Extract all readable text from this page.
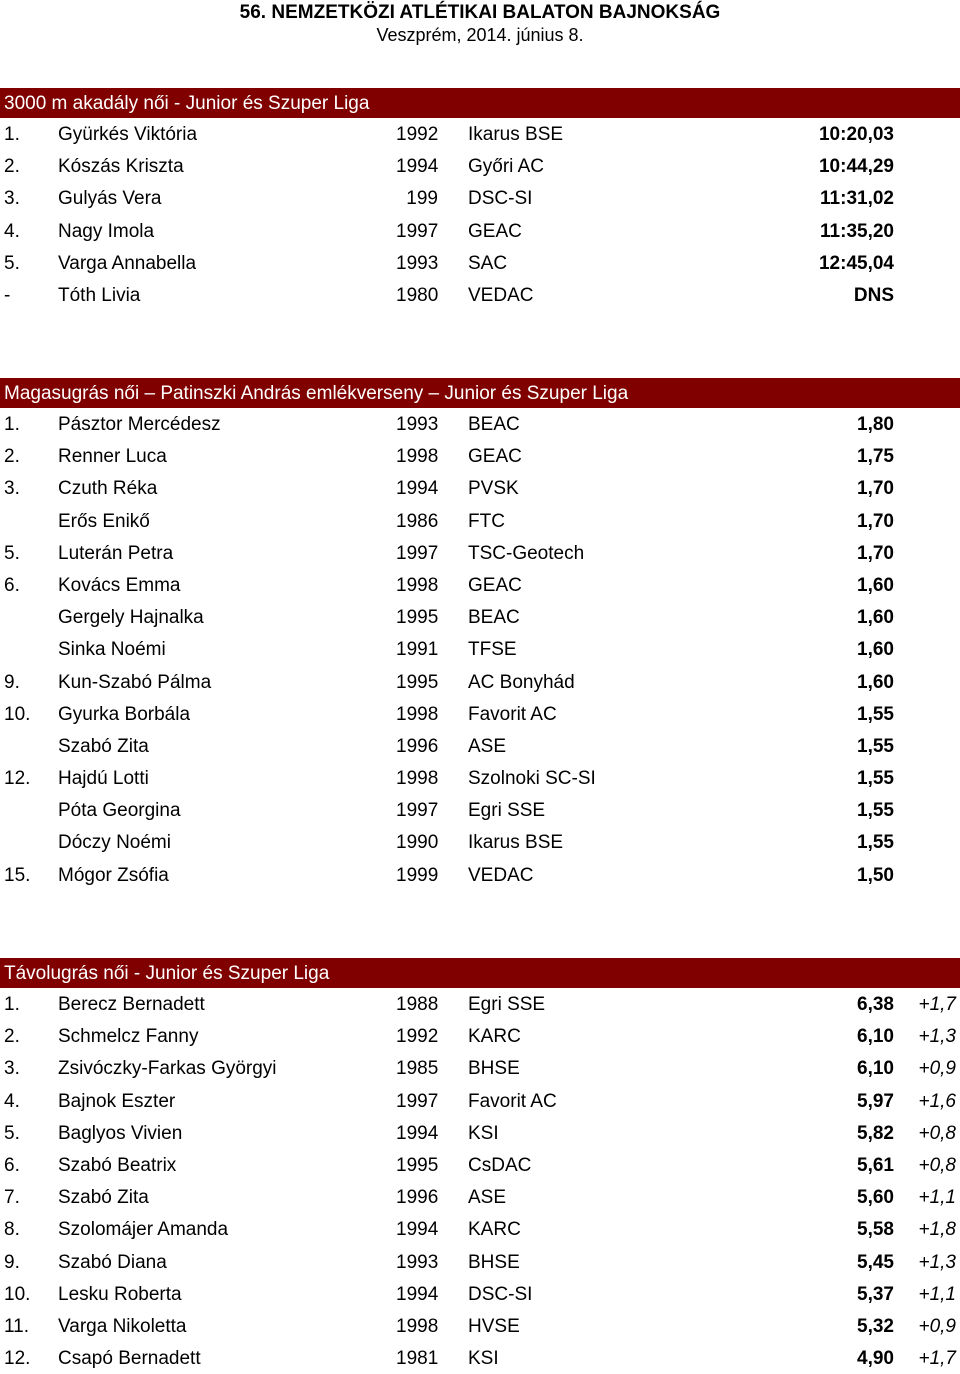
56. NEMZETKÖZI ATLÉTIKAI BALATON BAJNOKSÁG
Veszprém, 2014. június 8.
3000 m akadály női - Junior és Szuper Liga
1. Gyürkés Viktória	1992 Ikarus BSE	10:20,03
2. Kószás Kriszta	1994 Győri AC	10:44,29
3. Gulyás Vera	199 DSC-SI	11:31,02
4. Nagy Imola	1997 GEAC	11:35,20
5. Varga Annabella	1993 SAC	12:45,04
-	Tóth Livia	1980 VEDAC	DNS
Magasugrás női – Patinszki András emlékverseny – Junior és Szuper Liga
1. Pásztor Mercédesz	1993 BEAC	1,80
2. Renner Luca	1998 GEAC	1,75
3. Czuth Réka	1994 PVSK	1,70
Erős Enikő	1986 FTC	1,70
5. Luterán Petra	1997 TSC-Geotech	1,70
6. Kovács Emma	1998 GEAC	1,60
Gergely Hajnalka	1995 BEAC	1,60
Sinka Noémi	1991 TFSE	1,60
9. Kun-Szabó Pálma	1995 AC Bonyhád	1,60
10. Gyurka Borbála	1998 Favorit AC	1,55
Szabó Zita	1996 ASE	1,55
12. Hajdú Lotti	1998 Szolnoki SC-SI	1,55
Póta Georgina	1997 Egri SSE	1,55
Dóczy Noémi	1990 Ikarus BSE	1,55
15. Mógor Zsófia	1999 VEDAC	1,50
Távolugrás női - Junior és Szuper Liga
1. Berecz Bernadett	1988 Egri SSE	6,38 +1,7
2. Schmelcz Fanny	1992 KARC	6,10 +1,3
3. Zsivóczky-Farkas Györgyi	1985 BHSE	6,10 +0,9
4. Bajnok Eszter	1997 Favorit AC	5,97 +1,6
5. Baglyos Vivien	1994 KSI	5,82 +0,8
6. Szabó Beatrix	1995 CsDAC	5,61 +0,8
7. Szabó Zita	1996 ASE	5,60 +1,1
8. Szolomájer Amanda	1994 KARC	5,58 +1,8
9. Szabó Diana	1993 BHSE	5,45 +1,3
10. Lesku Roberta	1994 DSC-SI	5,37 +1,1
11. Varga Nikoletta	1998 HVSE	5,32 +0,9
12. Csapó Bernadett	1981 KSI	4,90 +1,7
